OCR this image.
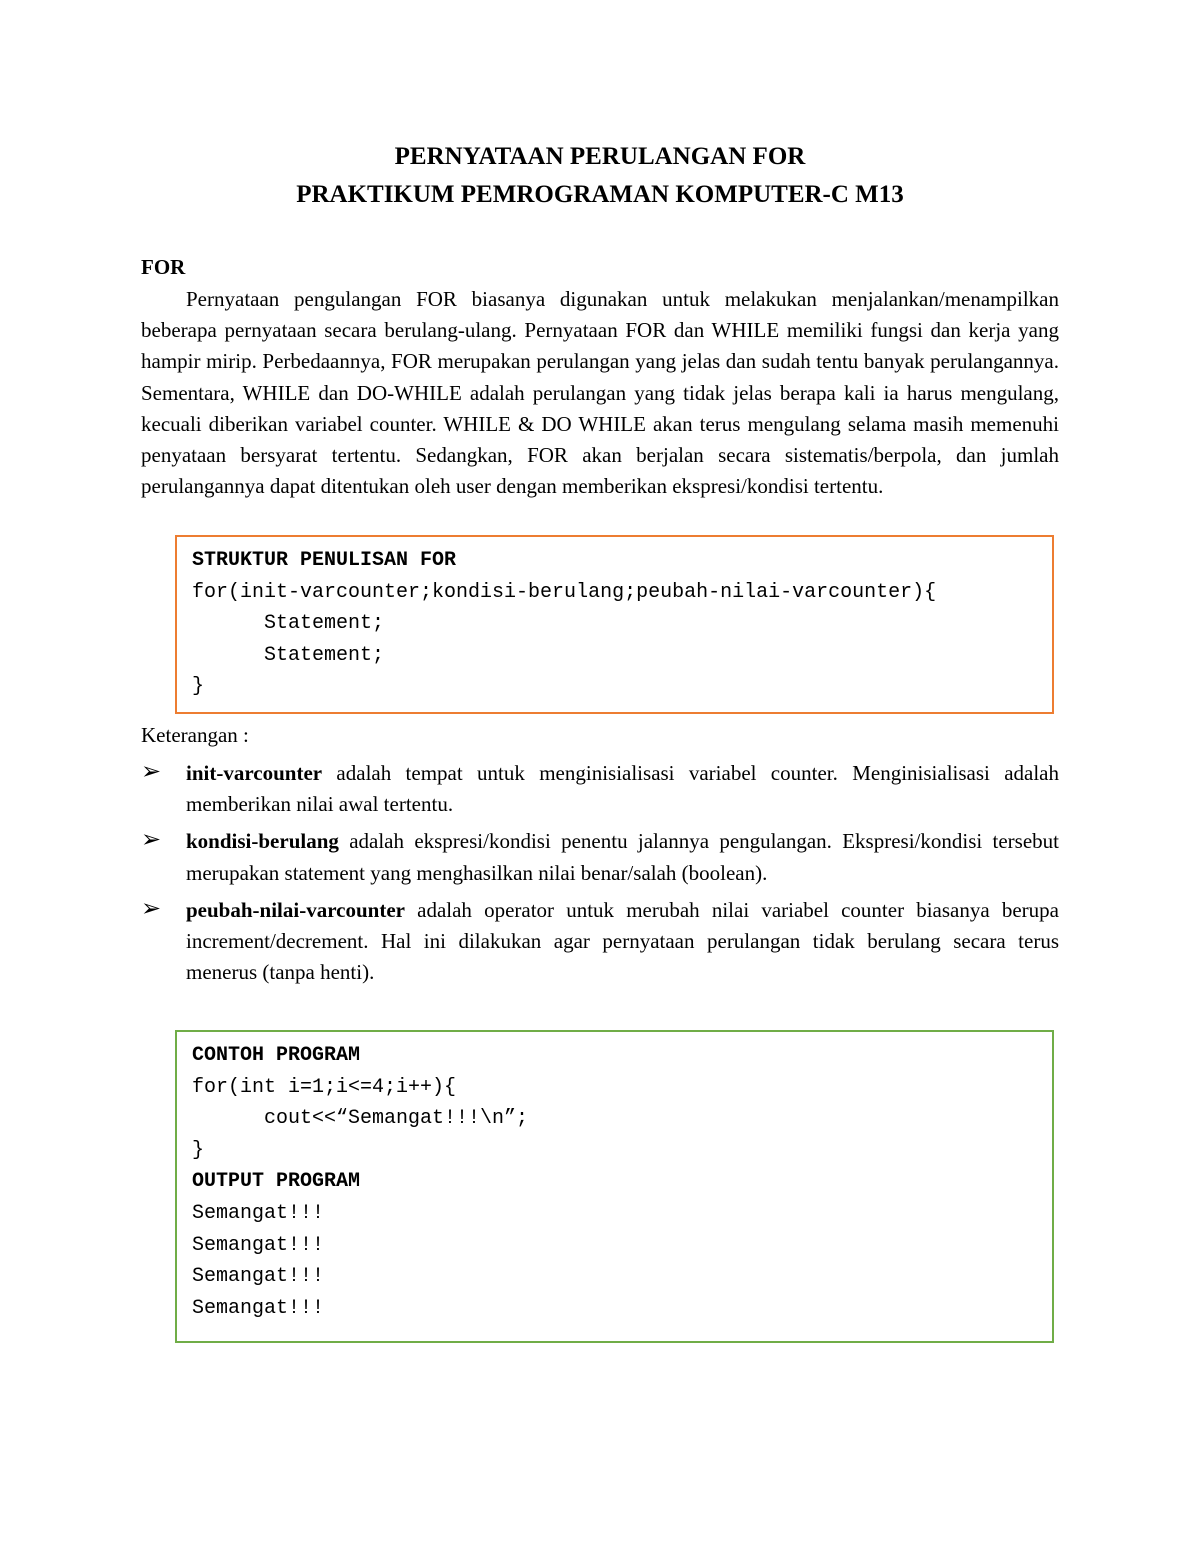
PERNYATAAN PERULANGAN FOR
PRAKTIKUM PEMROGRAMAN KOMPUTER-C M13
FOR

Pernyataan pengulangan FOR biasanya digunakan untuk melakukan menjalankan/menampilkan beberapa pernyataan secara berulang-ulang. Pernyataan FOR dan WHILE memiliki fungsi dan kerja yang hampir mirip. Perbedaannya, FOR merupakan perulangan yang jelas dan sudah tentu banyak perulangannya. Sementara, WHILE dan DO-WHILE adalah perulangan yang tidak jelas berapa kali ia harus mengulang, kecuali diberikan variabel counter. WHILE & DO WHILE akan terus mengulang selama masih memenuhi penyataan bersyarat tertentu. Sedangkan, FOR akan berjalan secara sistematis/berpola, dan jumlah perulangannya dapat ditentukan oleh user dengan memberikan ekspresi/kondisi tertentu.

STRUKTUR PENULISAN FOR
for(init-varcounter;kondisi-berulang;peubah-nilai-varcounter){
Statement;
Statement;
}
Keterangan :
➢ init-varcounter adalah tempat untuk menginisialisasi variabel counter. Menginisialisasi adalah memberikan nilai awal tertentu.
➢ kondisi-berulang adalah ekspresi/kondisi penentu jalannya pengulangan. Ekspresi/kondisi tersebut merupakan statement yang menghasilkan nilai benar/salah (boolean).
➢ peubah-nilai-varcounter adalah operator untuk merubah nilai variabel counter biasanya berupa increment/decrement. Hal ini dilakukan agar pernyataan perulangan tidak berulang secara terus menerus (tanpa henti).
CONTOH PROGRAM
for(int i=1;i<=4;i++){
cout<<“Semangat!!!\n”;
}
OUTPUT PROGRAM
Semangat!!!
Semangat!!!
Semangat!!!
Semangat!!!
